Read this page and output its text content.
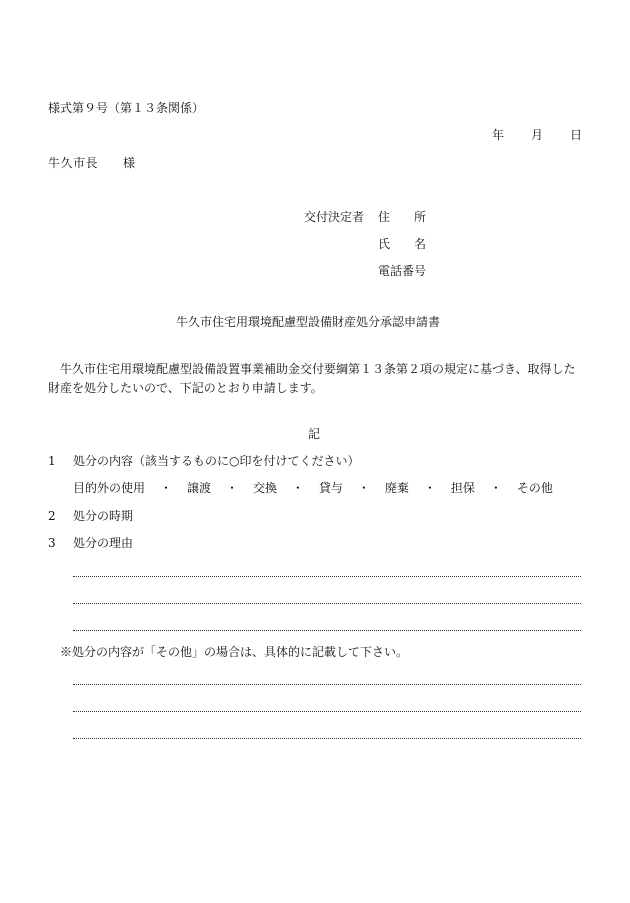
様式第９号（第１３条関係）
年 月 日
牛久市長 様
交付決定者 住　　所
氏　　名
電話番号
牛久市住宅用環境配慮型設備財産処分承認申請書
牛久市住宅用環境配慮型設備設置事業補助金交付要綱第１３条第２項の規定に基づき、取得した財産を処分したいので、下記のとおり申請します。
記
1 処分の内容（該当するものに○印を付けてください）
目的外の使用 ・ 譲渡 ・ 交換 ・ 貸与 ・ 廃棄 ・ 担保 ・ その他
2 処分の時期
3 処分の理由
※処分の内容が「その他」の場合は、具体的に記載して下さい。
